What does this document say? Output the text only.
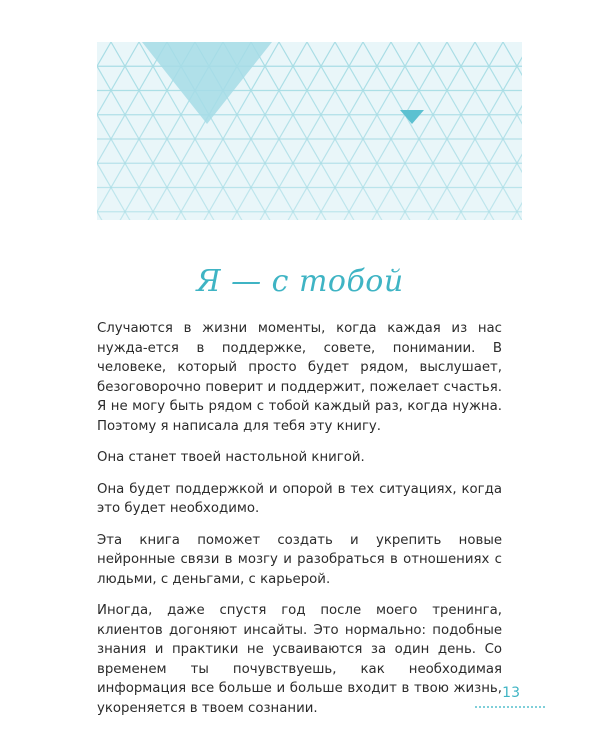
Я — с тобой

Случаются в жизни моменты, когда каждая из нас нужда-ется в поддержке, совете, понимании. В человеке, который просто будет рядом, выслушает, безоговорочно поверит и поддержит, пожелает счастья. Я не могу быть рядом с тобой каждый раз, когда нужна. Поэтому я написала для тебя эту книгу.

Она станет твоей настольной книгой.

Она будет поддержкой и опорой в тех ситуациях, когда это будет необходимо.

Эта книга поможет создать и укрепить новые нейронные связи в мозгу и разобраться в отношениях с людьми, с деньгами, с карьерой.

Иногда, даже спустя год после моего тренинга, клиентов догоняют инсайты. Это нормально: подобные знания и практики не усваиваются за один день. Со временем ты почувствуешь, как необходимая информация все больше и больше входит в твою жизнь, укореняется в твоем сознании.

13
